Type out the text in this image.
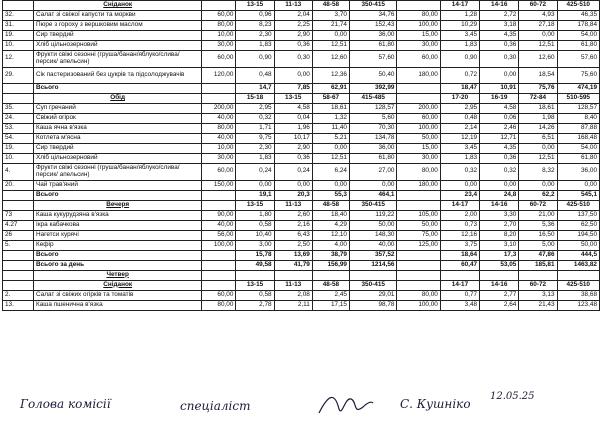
	Сніданок		13-15	11-13	48-58	350-415		14-17	14-16	60-72	425-510
32.	Салат зі свіжої капусти та моркви	60,00	0,96	2,04	3,70	34,76	80,00	1,28	2,72	4,93	46,35
31.	Пюре з гороху з вершковим маслом	80,00	8,23	2,25	21,74	152,43	100,00	10,29	3,18	27,18	178,84
19.	Сир твердий	10,00	2,30	2,90	0,00	36,00	15,00	3,45	4,35	0,00	54,00
10.	Хліб цільнозерновий	30,00	1,83	0,36	12,51	61,80	30,00	1,83	0,36	12,51	61,80
12.	Фрукти свіжі сезонні (груша/банан/яблуко/слива/персик/ апельсин)	60,00	0,90	0,30	12,60	57,60	60,00	0,90	0,30	12,60	57,60
29.	Сік пастеризований без цукрів та підсолоджувачів	120,00	0,48	0,00	12,36	50,40	180,00	0,72	0,00	18,54	75,60
	Всього		14,7	7,85	62,91	392,99		18,47	10,91	75,76	474,19
	Обід		15-18	13-15	58-67	415-485		17-20	16-19	72-84	510-595
35.	Суп гречаний	200,00	2,95	4,58	18,61	128,57	200,00	2,95	4,58	18,61	128,57
24.	Свіжий огірок	40,00	0,32	0,04	1,32	5,60	60,00	0,48	0,06	1,98	8,40
53.	Каша ячна в'язка	80,00	1,71	1,96	11,40	70,30	100,00	2,14	2,46	14,26	87,88
54.	Котлета м'ясна	40,00	9,75	10,17	5,21	134,78	50,00	12,19	12,71	6,51	168,48
19.	Сир твердий	10,00	2,30	2,90	0,00	36,00	15,00	3,45	4,35	0,00	54,00
10.	Хліб цільнозерновий	30,00	1,83	0,36	12,51	61,80	30,00	1,83	0,36	12,51	61,80
4.	Фрукти свіжі сезонні (груша/банан/яблуко/слива/персик/ апельсин)	60,00	0,24	0,24	6,24	27,00	80,00	0,32	0,32	8,32	36,00
20.	Чай трав'яний	150,00	0,00	0,00	0,00	0,00	180,00	0,00	0,00	0,00	0,00
	Всього		19,1	20,3	55,3	464,1		23,4	24,8	62,2	545,1
	Вечеря		13-15	11-13	48-58	350-415		14-17	14-16	60-72	425-510
73	Каша кукурудзяна в'язка	90,00	1,80	2,60	18,40	119,22	105,00	2,00	3,30	21,00	137,50
4.27	Ікра кабачкова	40,00	0,58	2,16	4,29	50,00	50,00	0,73	2,70	5,36	62,50
26	Нагетси курячі	56,00	10,40	6,43	12,10	148,30	75,00	12,16	8,20	16,50	194,50
5.	Кефір	100,00	3,00	2,50	4,00	40,00	125,00	3,75	3,10	5,00	50,00
	Всього		15,78	13,69	38,79	357,52		18,64	17,3	47,86	444,5
	Всього за день		49,58	41,79	156,99	1214,56		60,47	53,05	185,81	1463,82
	Четвер										
	Сніданок		13-15	11-13	48-58	350-415		14-17	14-16	60-72	425-510
2.	Салат зі свіжих огірків та томатів	60,00	0,58	2,08	2,45	29,01	80,00	0,77	2,77	3,13	38,68
13.	Каша пшенична в'язка	80,00	2,78	2,11	17,15	98,78	100,00	3,48	2,64	21,43	123,48
Голова комісії	спеціаліст	С. Кушніко
12.05.25
